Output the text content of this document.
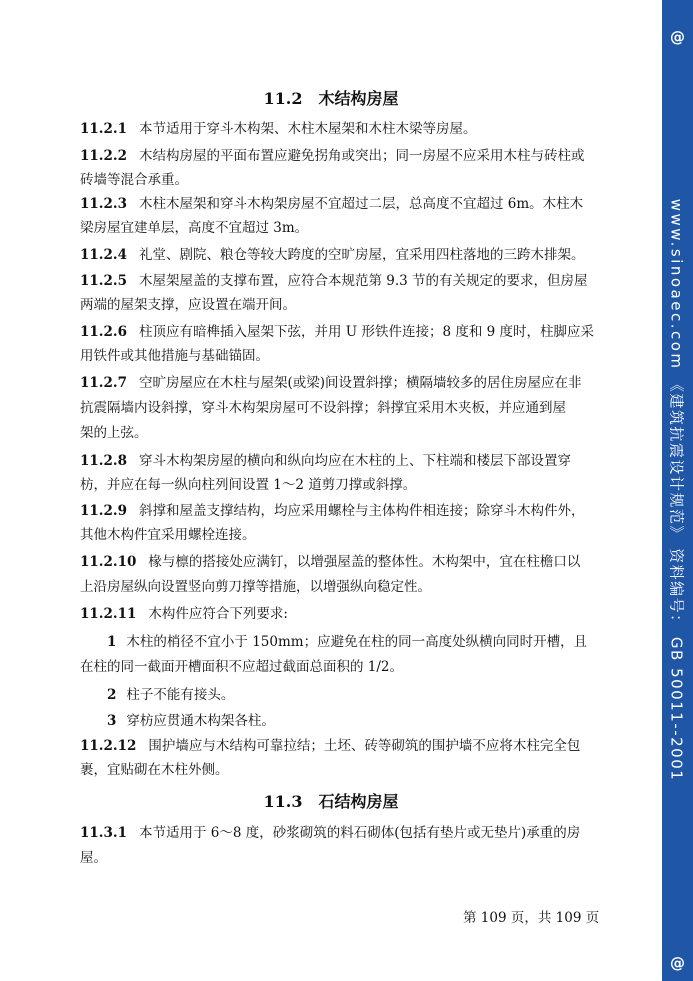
11.2　木结构房屋
11.2.1 本节适用于穿斗木构架、木柱木屋架和木柱木梁等房屋。
11.2.2 木结构房屋的平面布置应避免拐角或突出；同一房屋不应采用木柱与砖柱或
砖墙等混合承重。
11.2.3 木柱木屋架和穿斗木构架房屋不宜超过二层，总高度不宜超过 6m。木柱木
梁房屋宜建单层，高度不宜超过 3m。
11.2.4 礼堂、剧院、粮仓等较大跨度的空旷房屋，宜采用四柱落地的三跨木排架。
11.2.5 木屋架屋盖的支撑布置，应符合本规范第 9.3 节的有关规定的要求，但房屋
两端的屋架支撑，应设置在端开间。
11.2.6 柱顶应有暗榫插入屋架下弦，并用 U 形铁件连接；8 度和 9 度时，柱脚应采
用铁件或其他措施与基础锚固。
11.2.7 空旷房屋应在木柱与屋架(或梁)间设置斜撑；横隔墙较多的居住房屋应在非
抗震隔墙内设斜撑，穿斗木构架房屋可不设斜撑；斜撑宜采用木夹板，并应通到屋
架的上弦。
11.2.8 穿斗木构架房屋的横向和纵向均应在木柱的上、下柱端和楼层下部设置穿
枋，并应在每一纵向柱列间设置 1～2 道剪刀撑或斜撑。
11.2.9 斜撑和屋盖支撑结构，均应采用螺栓与主体构件相连接；除穿斗木构件外，
其他木构件宜采用螺栓连接。
11.2.10 椽与檩的搭接处应满钉，以增强屋盖的整体性。木构架中，宜在柱檐口以
上沿房屋纵向设置竖向剪刀撑等措施，以增强纵向稳定性。
11.2.11 木构件应符合下列要求:
1 木柱的梢径不宜小于 150mm；应避免在柱的同一高度处纵横向同时开槽，且
在柱的同一截面开槽面积不应超过截面总面积的 1/2。
2 柱子不能有接头。
3 穿枋应贯通木构架各柱。
11.2.12 围护墙应与木结构可靠拉结；土坯、砖等砌筑的围护墙不应将木柱完全包
裹，宜贴砌在木柱外侧。
11.3　石结构房屋
11.3.1 本节适用于 6～8 度，砂浆砌筑的料石砌体(包括有垫片或无垫片)承重的房
屋。
第 109 页，共 109 页
@
www.sinoaec.com 《建筑抗震设计规范》 资料编号： GB 50011--2001
@
